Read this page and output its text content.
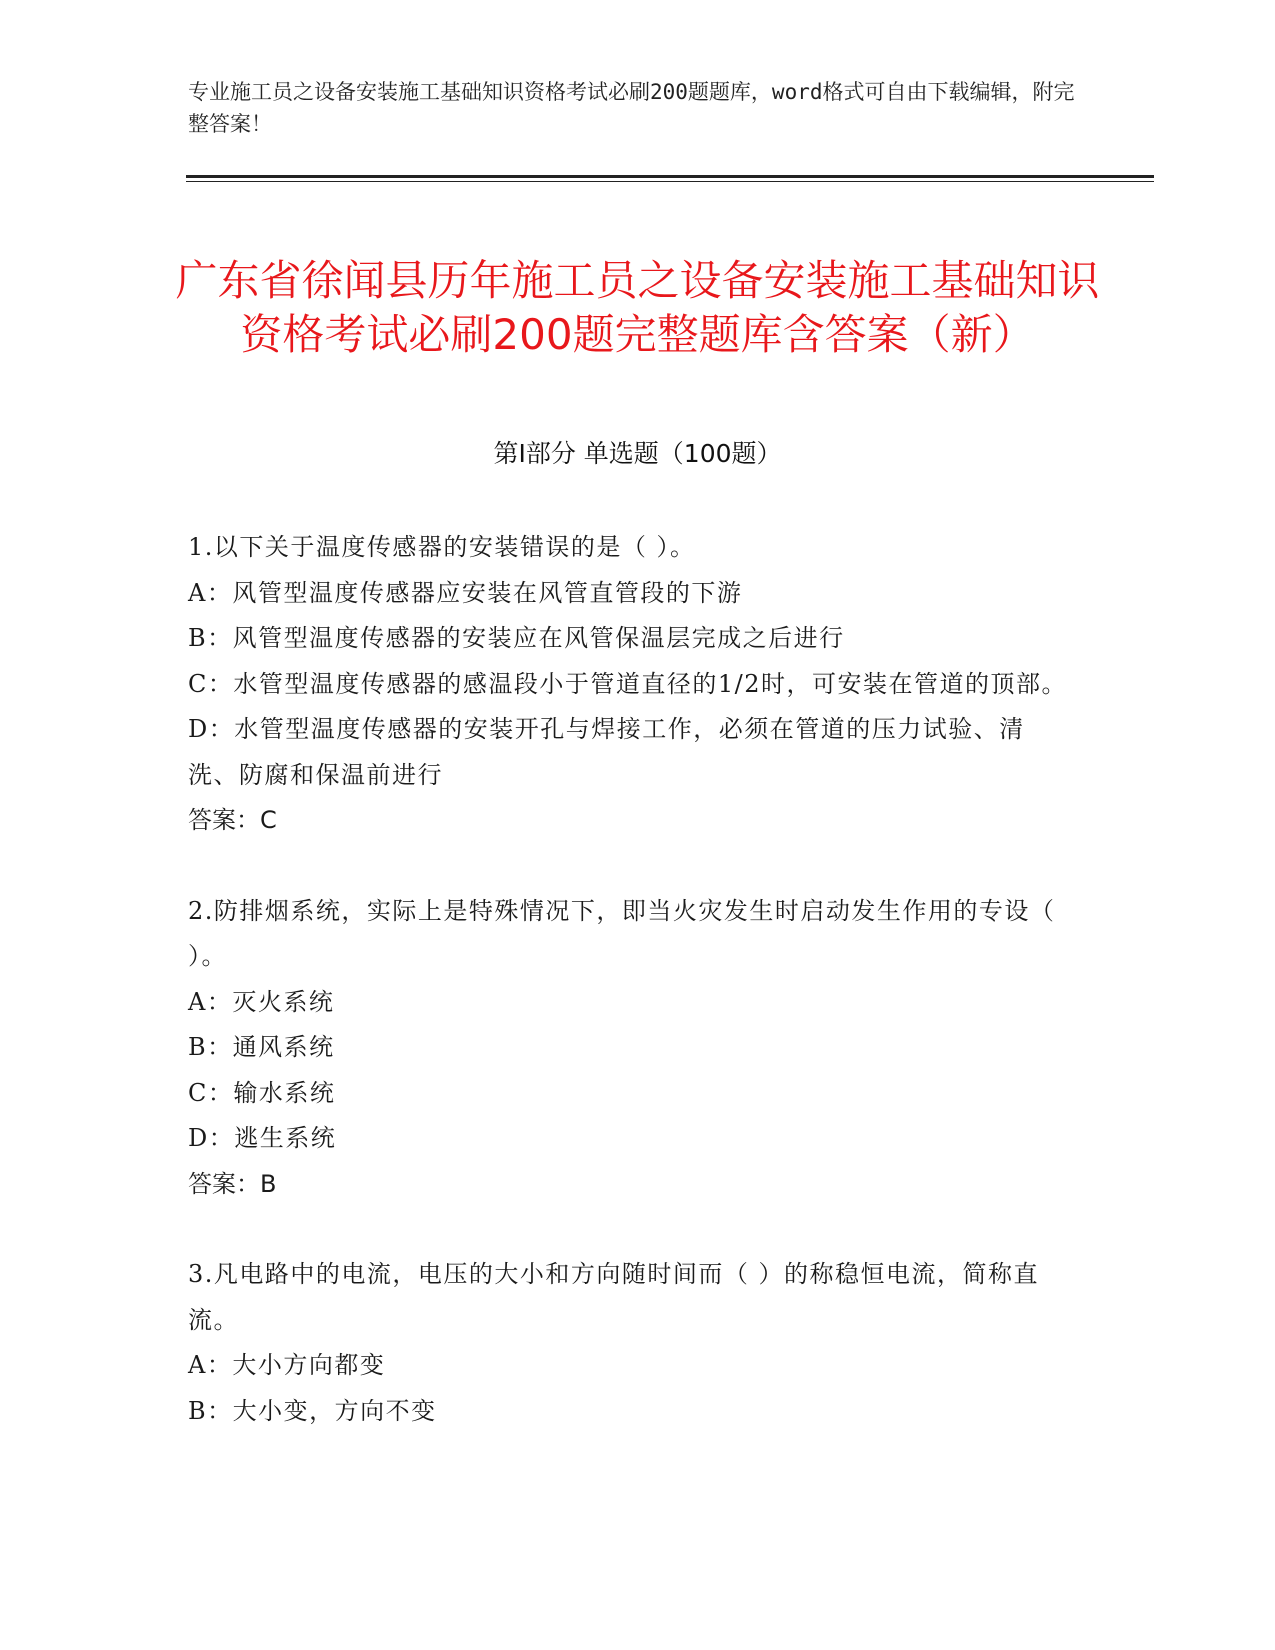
专业施工员之设备安装施工基础知识资格考试必刷200题题库，word格式可自由下载编辑，附完整答案！
广东省徐闻县历年施工员之设备安装施工基础知识资格考试必刷200题完整题库含答案（新）
第Ⅰ部分 单选题（100题）

1.以下关于温度传感器的安装错误的是（ ）。

A：风管型温度传感器应安装在风管直管段的下游

B：风管型温度传感器的安装应在风管保温层完成之后进行

C：水管型温度传感器的感温段小于管道直径的1/2时，可安装在管道的顶部。

D：水管型温度传感器的安装开孔与焊接工作，必须在管道的压力试验、清洗、防腐和保温前进行

答案：C

2.防排烟系统，实际上是特殊情况下，即当火灾发生时启动发生作用的专设（ ）。

A：灭火系统

B：通风系统

C：输水系统

D：逃生系统

答案：B

3.凡电路中的电流，电压的大小和方向随时间而（ ）的称稳恒电流，简称直流。

A：大小方向都变

B：大小变，方向不变
